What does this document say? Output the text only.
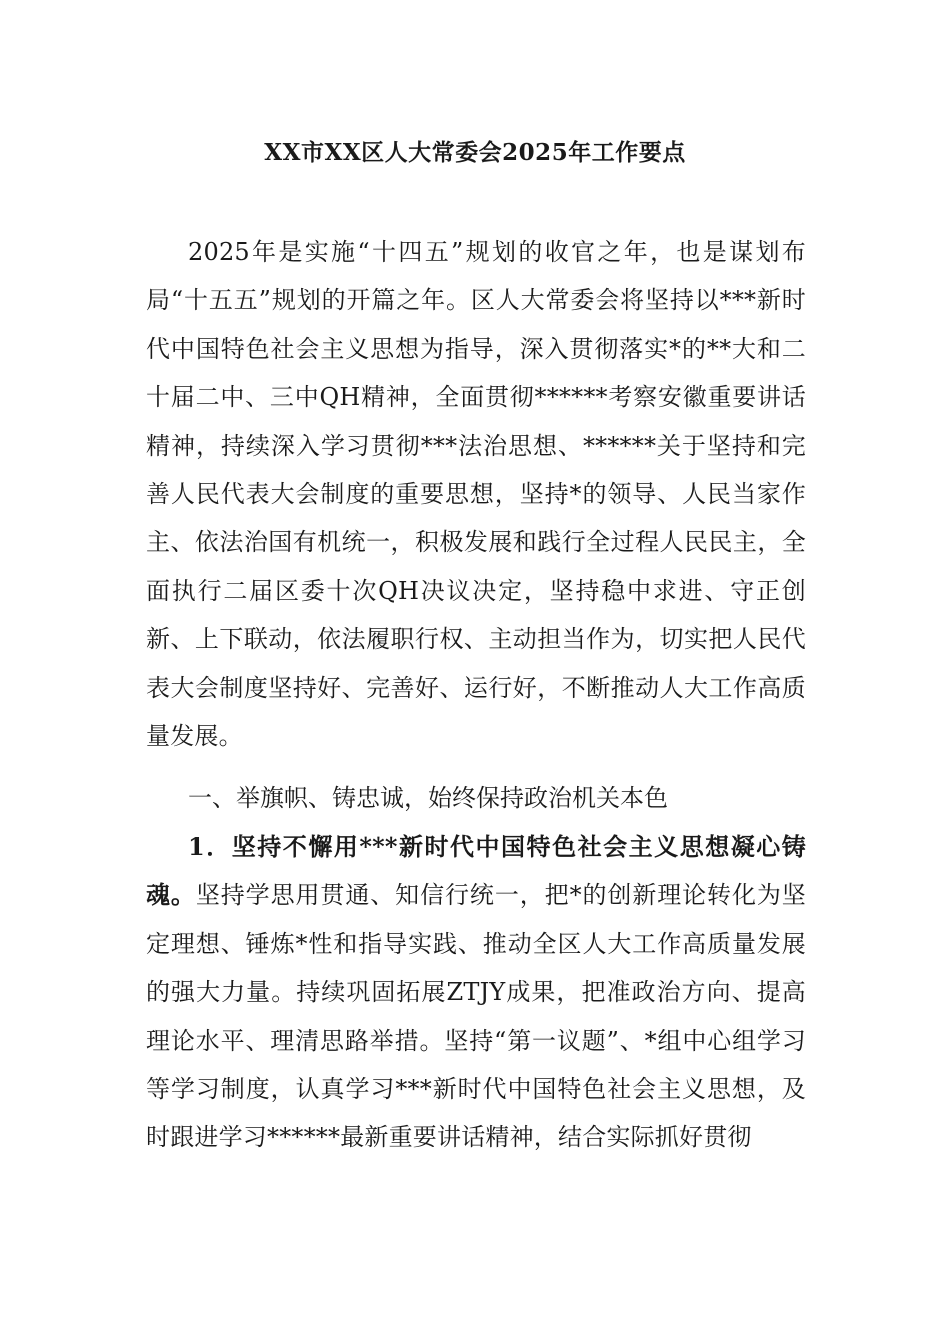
XX市XX区人大常委会2025年工作要点
2025年是实施“十四五”规划的收官之年，也是谋划布局“十五五”规划的开篇之年。区人大常委会将坚持以***新时代中国特色社会主义思想为指导，深入贯彻落实*的**大和二十届二中、三中QH精神，全面贯彻******考察安徽重要讲话精神，持续深入学习贯彻***法治思想、******关于坚持和完善人民代表大会制度的重要思想，坚持*的领导、人民当家作主、依法治国有机统一，积极发展和践行全过程人民民主，全面执行二届区委十次QH决议决定，坚持稳中求进、守正创新、上下联动，依法履职行权、主动担当作为，切实把人民代表大会制度坚持好、完善好、运行好，不断推动人大工作高质量发展。
一、举旗帜、铸忠诚，始终保持政治机关本色
1．坚持不懈用***新时代中国特色社会主义思想凝心铸魂。坚持学思用贯通、知信行统一，把*的创新理论转化为坚定理想、锤炼*性和指导实践、推动全区人大工作高质量发展的强大力量。持续巩固拓展ZTJY成果，把准政治方向、提高理论水平、理清思路举措。坚持“第一议题”、*组中心组学习等学习制度，认真学习***新时代中国特色社会主义思想，及时跟进学习******最新重要讲话精神，结合实际抓好贯彻
